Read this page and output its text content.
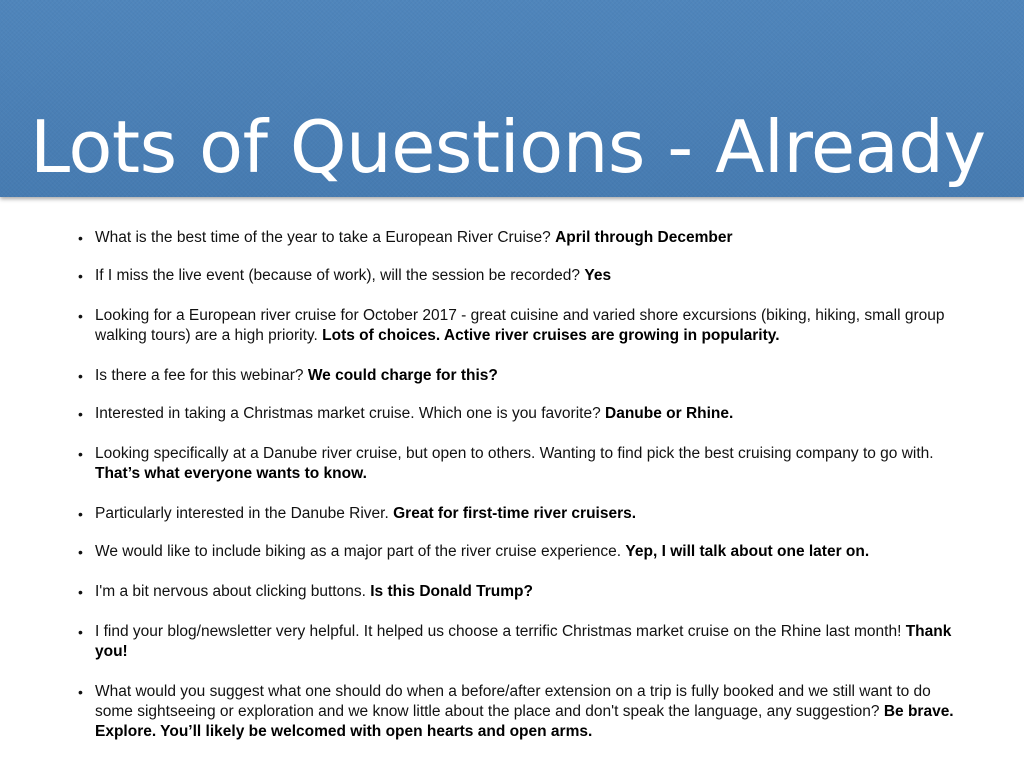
Lots of Questions - Already
• What is the best time of the year to take a European River Cruise? April through December
• If I miss the live event (because of work), will the session be recorded? Yes
• Looking for a European river cruise for October 2017 - great cuisine and varied shore excursions (biking, hiking, small group walking tours) are a high priority. Lots of choices. Active river cruises are growing in popularity.
• Is there a fee for this webinar? We could charge for this?
• Interested in taking a Christmas market cruise. Which one is you favorite? Danube or Rhine.
• Looking specifically at a Danube river cruise, but open to others. Wanting to find pick the best cruising company to go with. That’s what everyone wants to know.
• Particularly interested in the Danube River. Great for first-time river cruisers.
• We would like to include biking as a major part of the river cruise experience. Yep, I will talk about one later on.
• I'm a bit nervous about clicking buttons. Is this Donald Trump?
• I find your blog/newsletter very helpful. It helped us choose a terrific Christmas market cruise on the Rhine last month! Thank you!
• What would you suggest what one should do when a before/after extension on a trip is fully booked and we still want to do some sightseeing or exploration and we know little about the place and don't speak the language, any suggestion? Be brave. Explore. You’ll likely be welcomed with open hearts and open arms.
